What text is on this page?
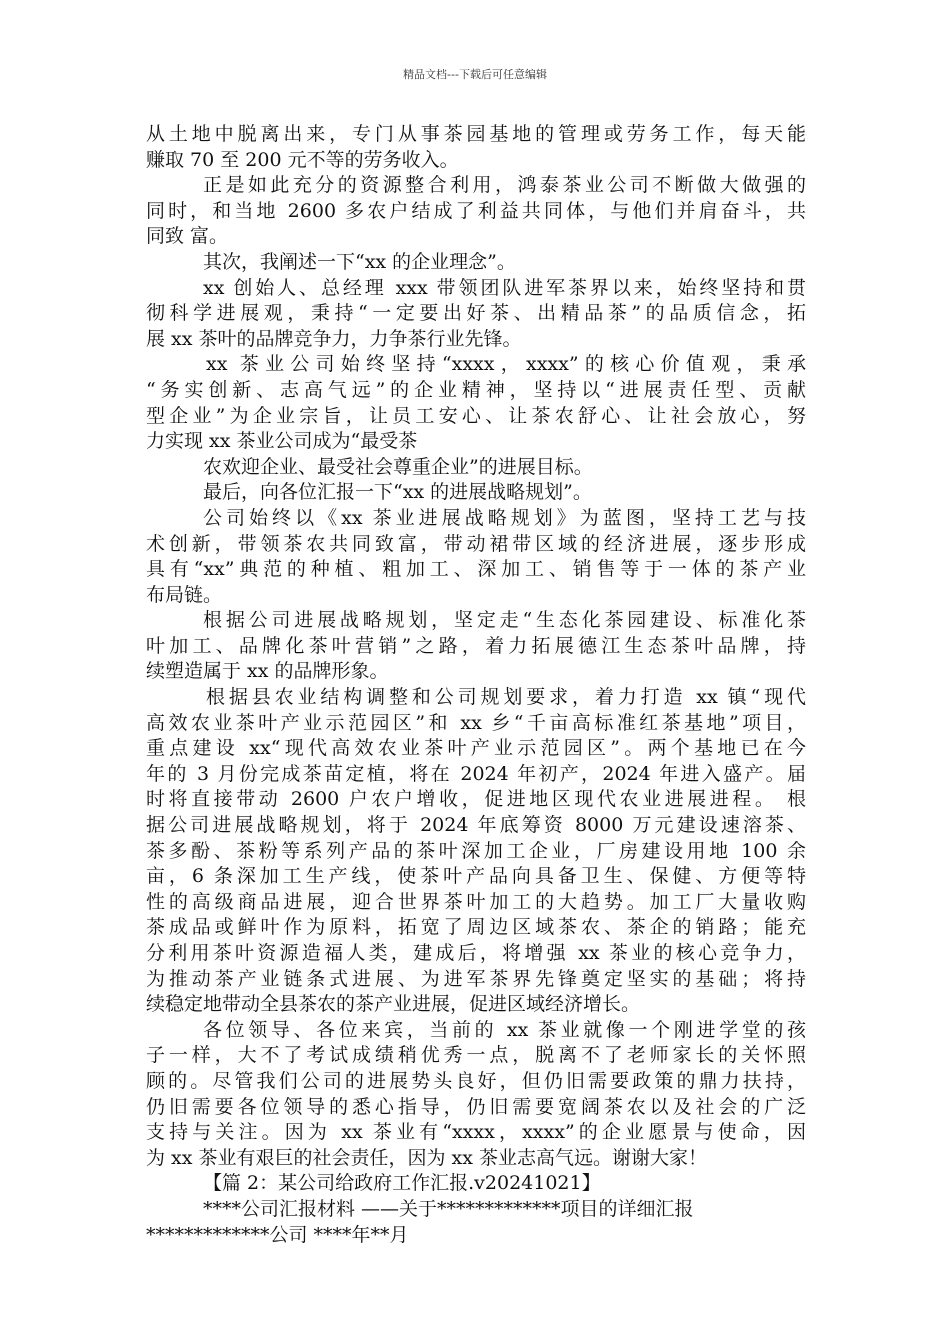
精品文档---下载后可任意编辑
从土地中脱离出来，专门从事茶园基地的管理或劳务工作，每天能
赚取 70 至 200 元不等的劳务收入。
正是如此充分的资源整合利用，鸿泰茶业公司不断做大做强的
同时，和当地 2600 多农户结成了利益共同体，与他们并肩奋斗，共
同致 富。
其次，我阐述一下“xx 的企业理念”。
xx 创始人、总经理 xxx 带领团队进军茶界以来，始终坚持和贯
彻科学进展观，秉持“一定要出好茶、出精品茶”的品质信念，拓
展 xx 茶叶的品牌竞争力，力争茶行业先锋。
xx 茶业公司始终坚持“xxxx，xxxx”的核心价值观，秉承
“务实创新、志高气远”的企业精神，坚持以“进展责任型、贡献
型企业”为企业宗旨，让员工安心、让茶农舒心、让社会放心，努
力实现 xx 茶业公司成为“最受茶
农欢迎企业、最受社会尊重企业”的进展目标。
最后，向各位汇报一下“xx 的进展战略规划”。
公司始终以《xx 茶业进展战略规划》为蓝图，坚持工艺与技
术创新，带领茶农共同致富，带动裙带区域的经济进展，逐步形成
具有“xx”典范的种植、粗加工、深加工、销售等于一体的茶产业
布局链。
根据公司进展战略规划，坚定走“生态化茶园建设、标准化茶
叶加工、品牌化茶叶营销”之路，着力拓展德江生态茶叶品牌，持
续塑造属于 xx 的品牌形象。
根据县农业结构调整和公司规划要求，着力打造 xx 镇“现代
高效农业茶叶产业示范园区”和 xx 乡“千亩高标准红茶基地”项目，
重点建设 xx“现代高效农业茶叶产业示范园区”。两个基地已在今
年的 3 月份完成茶苗定植，将在 2024 年初产，2024 年进入盛产。届
时将直接带动 2600 户农户增收，促进地区现代农业进展进程。 根
据公司进展战略规划，将于 2024 年底筹资 8000 万元建设速溶茶、
茶多酚、茶粉等系列产品的茶叶深加工企业，厂房建设用地 100 余
亩，6 条深加工生产线，使茶叶产品向具备卫生、保健、方便等特
性的高级商品进展，迎合世界茶叶加工的大趋势。加工厂大量收购
茶成品或鲜叶作为原料，拓宽了周边区域茶农、茶企的销路；能充
分利用茶叶资源造福人类，建成后，将增强 xx 茶业的核心竞争力，
为推动茶产业链条式进展、为进军茶界先锋奠定坚实的基础；将持
续稳定地带动全县茶农的茶产业进展，促进区域经济增长。
各位领导、各位来宾，当前的 xx 茶业就像一个刚进学堂的孩
子一样，大不了考试成绩稍优秀一点，脱离不了老师家长的关怀照
顾的。尽管我们公司的进展势头良好，但仍旧需要政策的鼎力扶持，
仍旧需要各位领导的悉心指导，仍旧需要宽阔茶农以及社会的广泛
支持与关注。因为 xx 茶业有“xxxx，xxxx”的企业愿景与使命，因
为 xx 茶业有艰巨的社会责任，因为 xx 茶业志高气远。谢谢大家！
【篇 2：某公司给政府工作汇报.v20241021】
****公司汇报材料 ——关于*************项目的详细汇报
*************公司 ****年**月
